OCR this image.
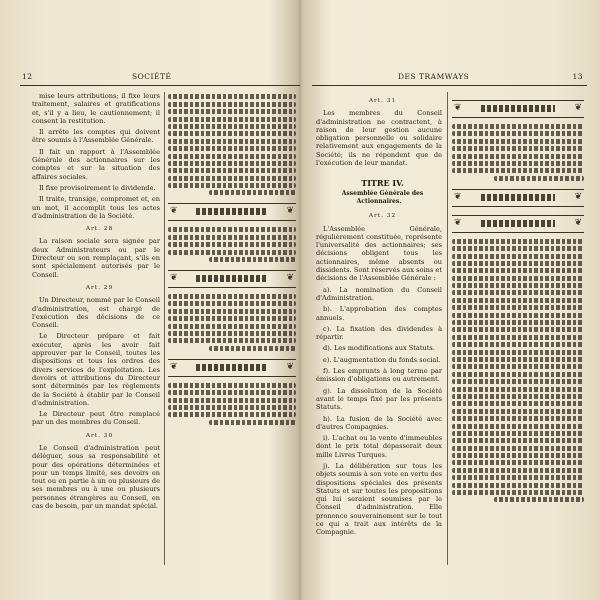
12	SOCIÉTÉ

mise leurs attributions; il fixe leurs traitement, salaires et gratifications et, s'il y a lieu, le cautionnement; il consent la restitution.

Il arrête les comptes qui doivent être soumis à l'Assemblée Générale.

Il fait un rapport à l'Assemblée Générale des actionnaires sur les comptes et sur la situation des affaires sociales.

Il fixe provisoirement le dividende.

Il traite, transige, compromet et, en un mot, il accomplit tous les actes d'administration de la Société.

Art. 28

La raison sociale sera signée par deux Administrateurs ou par le Directeur ou son remplaçant, s'ils en sont spécialement autorisés par le Conseil.

Art. 29

Un Directeur, nommé par le Conseil d'administration, est chargé de l'exécution des décisions de ce Conseil.

Le Directeur prépare et fait exécuter, après les avoir fait approuver par le Conseil, toutes les dispositions et tous les ordres des divers services de l'exploitation. Les devoirs et attributions du Directeur sont déterminés par les règlements de la Société à établir par le Conseil d'administration.

Le Directeur peut être remplacé par un des membres du Conseil.

Art. 30

Le Conseil d'administration peut déléguer, sous sa responsabilité et pour des opérations déterminées et pour un temps limité, ses devoirs en tout ou en partie à un ou plusieurs de ses membres ou à une ou plusieurs personnes étrangères au Conseil, en cas de besoin, par un mandat spécial.

❦	❦
❦	❦
❦	❦
DES TRAMWAYS	13

Art. 31

Les membres du Conseil d'administration ne contractent, à raison de leur gestion aucune obligation personnelle ou solidaire relativement aux engagements de la Société; ils ne répondent que de l'exécution de leur mandat.

TITRE IV.

Assemblée Générale des Actionnaires.

Art. 32

L'Assemblée Générale, régulièrement constituée, représente l'universalité des actionnaires; ses décisions obligent tous les actionnaires, même absents ou dissidents. Sont réservés aux soins et décisions de l'Assemblée Générale :

a). La nomination du Conseil d'Administration.

b). L'approbation des comptes annuels.

c). La fixation des dividendes à répartir.

d). Les modifications aux Statuts.

e). L'augmentation du fonds social.

f). Les emprunts à long terme par émission d'obligations ou autrement.

g). La dissolution de la Société avant le temps fixé par les présents Statuts.

h). La fusion de la Société avec d'autres Compagnies.

i). L'achat ou la vente d'immeubles dont le prix total dépasserait deux mille Livres Turques.

j). La délibération sur tous les objets soumis à son vote en vertu des dispositions spéciales des présents Statuts et sur toutes les propositions qui lui seraient soumises par le Conseil d'administration. Elle prononce souverainement sur le tout ce qui a trait aux intérêts de la Compagnie.

❦	❦
❦	❦
❦	❦
